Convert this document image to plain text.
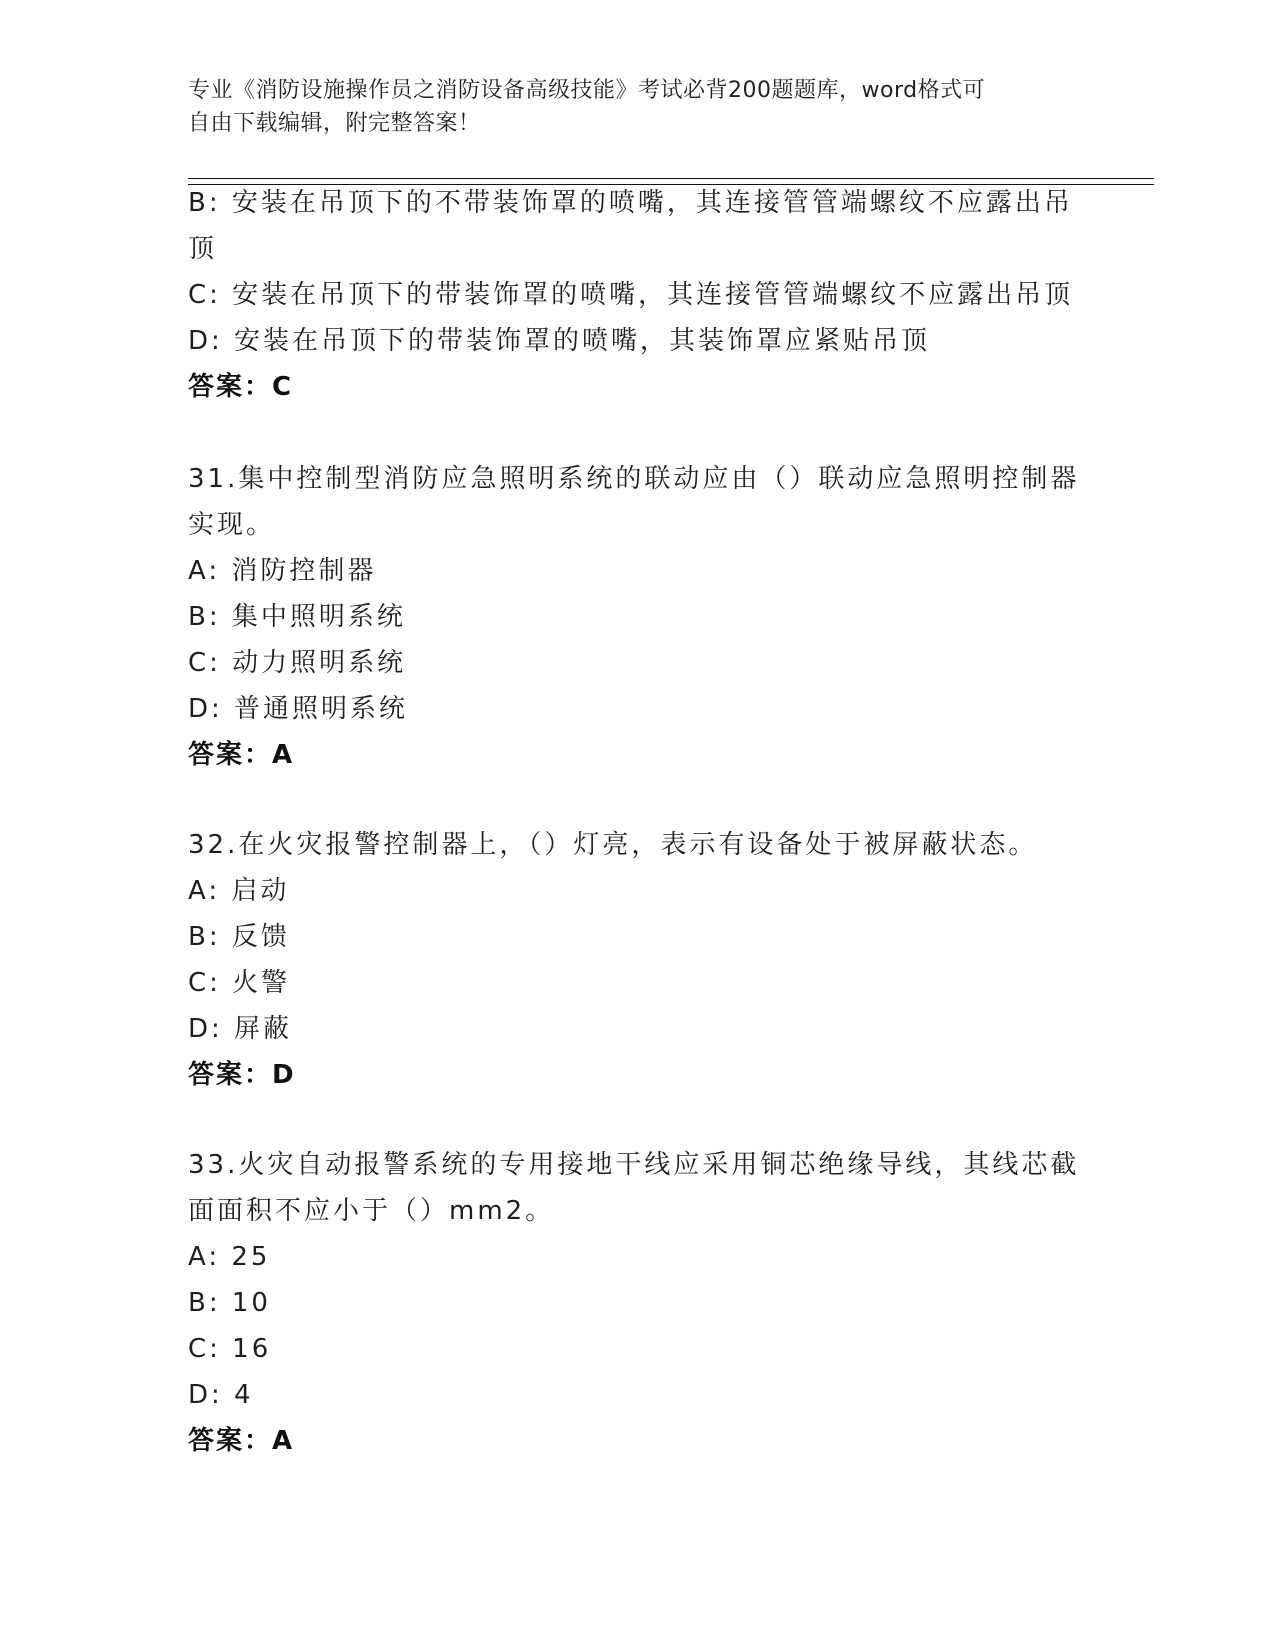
专业《消防设施操作员之消防设备高级技能》考试必背200题题库，word格式可
自由下载编辑，附完整答案！
B: 安装在吊顶下的不带装饰罩的喷嘴，其连接管管端螺纹不应露出吊
顶
C: 安装在吊顶下的带装饰罩的喷嘴，其连接管管端螺纹不应露出吊顶
D: 安装在吊顶下的带装饰罩的喷嘴，其装饰罩应紧贴吊顶
答案：C
31.集中控制型消防应急照明系统的联动应由（）联动应急照明控制器
实现。
A: 消防控制器
B: 集中照明系统
C: 动力照明系统
D: 普通照明系统
答案：A
32.在火灾报警控制器上，（）灯亮，表示有设备处于被屏蔽状态。
A: 启动
B: 反馈
C: 火警
D: 屏蔽
答案：D
33.火灾自动报警系统的专用接地干线应采用铜芯绝缘导线，其线芯截
面面积不应小于（）mm2。
A: 25
B: 10
C: 16
D: 4
答案：A
